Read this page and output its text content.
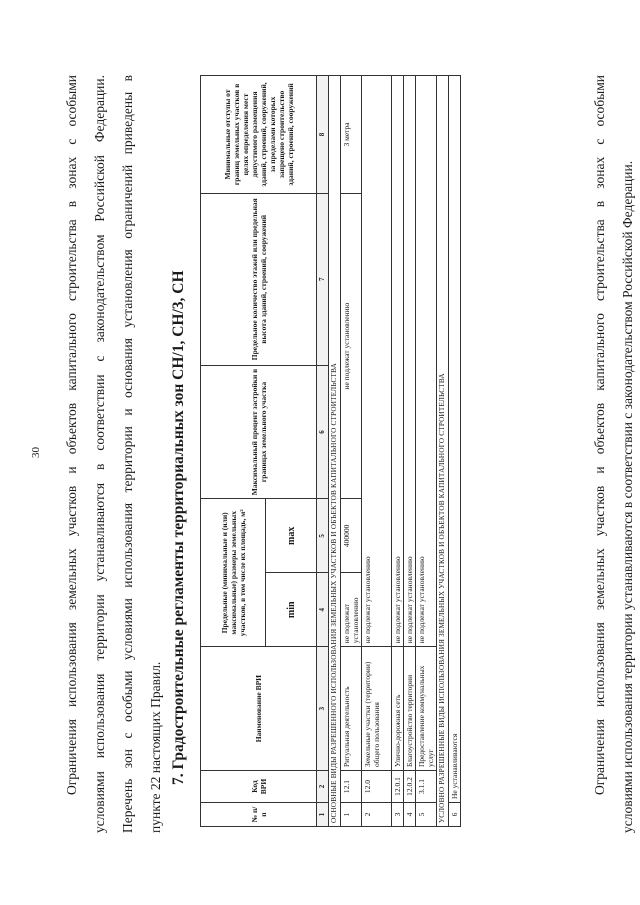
30	Ограничения использования земельных участков и объектов капитального строительства в зонах с особыми условиями использования территории устанавливаются в соответствии с законодательством Российской Федерации. Перечень зон с особыми условиями использования территории и основания установления ограничений приведены в пункте 22 настоящих Правил. 7. Градостроительные регламенты территориальных зон СН/1, СН/3, СН
№ п/п	Код ВРИ	Наименование ВРИ	Предельные (минимальные и (или) максимальные) размеры земельных участков, в том числе их площадь, м²		Максимальный процент застройки в границах земельного участка	Предельное количество этажей или предельная высота зданий, строений, сооружений	Минимальные отступы от границ земельных участков в целях определения мест допустимого размещения зданий, строений, сооружений, за пределами которых запрещено строительство зданий, строений, сооружений
			min	max			
1	2	3	4	5	6	7	8
ОСНОВНЫЕ ВИДЫ РАЗРЕШЕННОГО ИСПОЛЬЗОВАНИЯ ЗЕМЕЛЬНЫХ УЧАСТКОВ И ОБЪЕКТОВ КАПИТАЛЬНОГО СТРОИТЕЛЬСТВА							
1	12.1	Ритуальная деятельность	не подлежат установлению	400000	не подлежат установлению		3 метра
2	12.0	Земельные участки (территории) общего пользования	не подлежат установлению				
3	12.0.1	Улично-дорожная сеть	не подлежат установлению				
4	12.0.2	Благоустройство территории	не подлежат установлению				
5	3.1.1	Предоставление коммунальных услуг	не подлежат установлению				
УСЛОВНО РАЗРЕШЕННЫЕ ВИДЫ ИСПОЛЬЗОВАНИЯ ЗЕМЕЛЬНЫХ УЧАСТКОВ И ОБЪЕКТОВ КАПИТАЛЬНОГО СТРОИТЕЛЬСТВА							
6	Не устанавливаются							Ограничения использования земельных участков и объектов капитального строительства в зонах с особыми условиями использования территории устанавливаются в соответствии с законодательством Российской Федерации.
